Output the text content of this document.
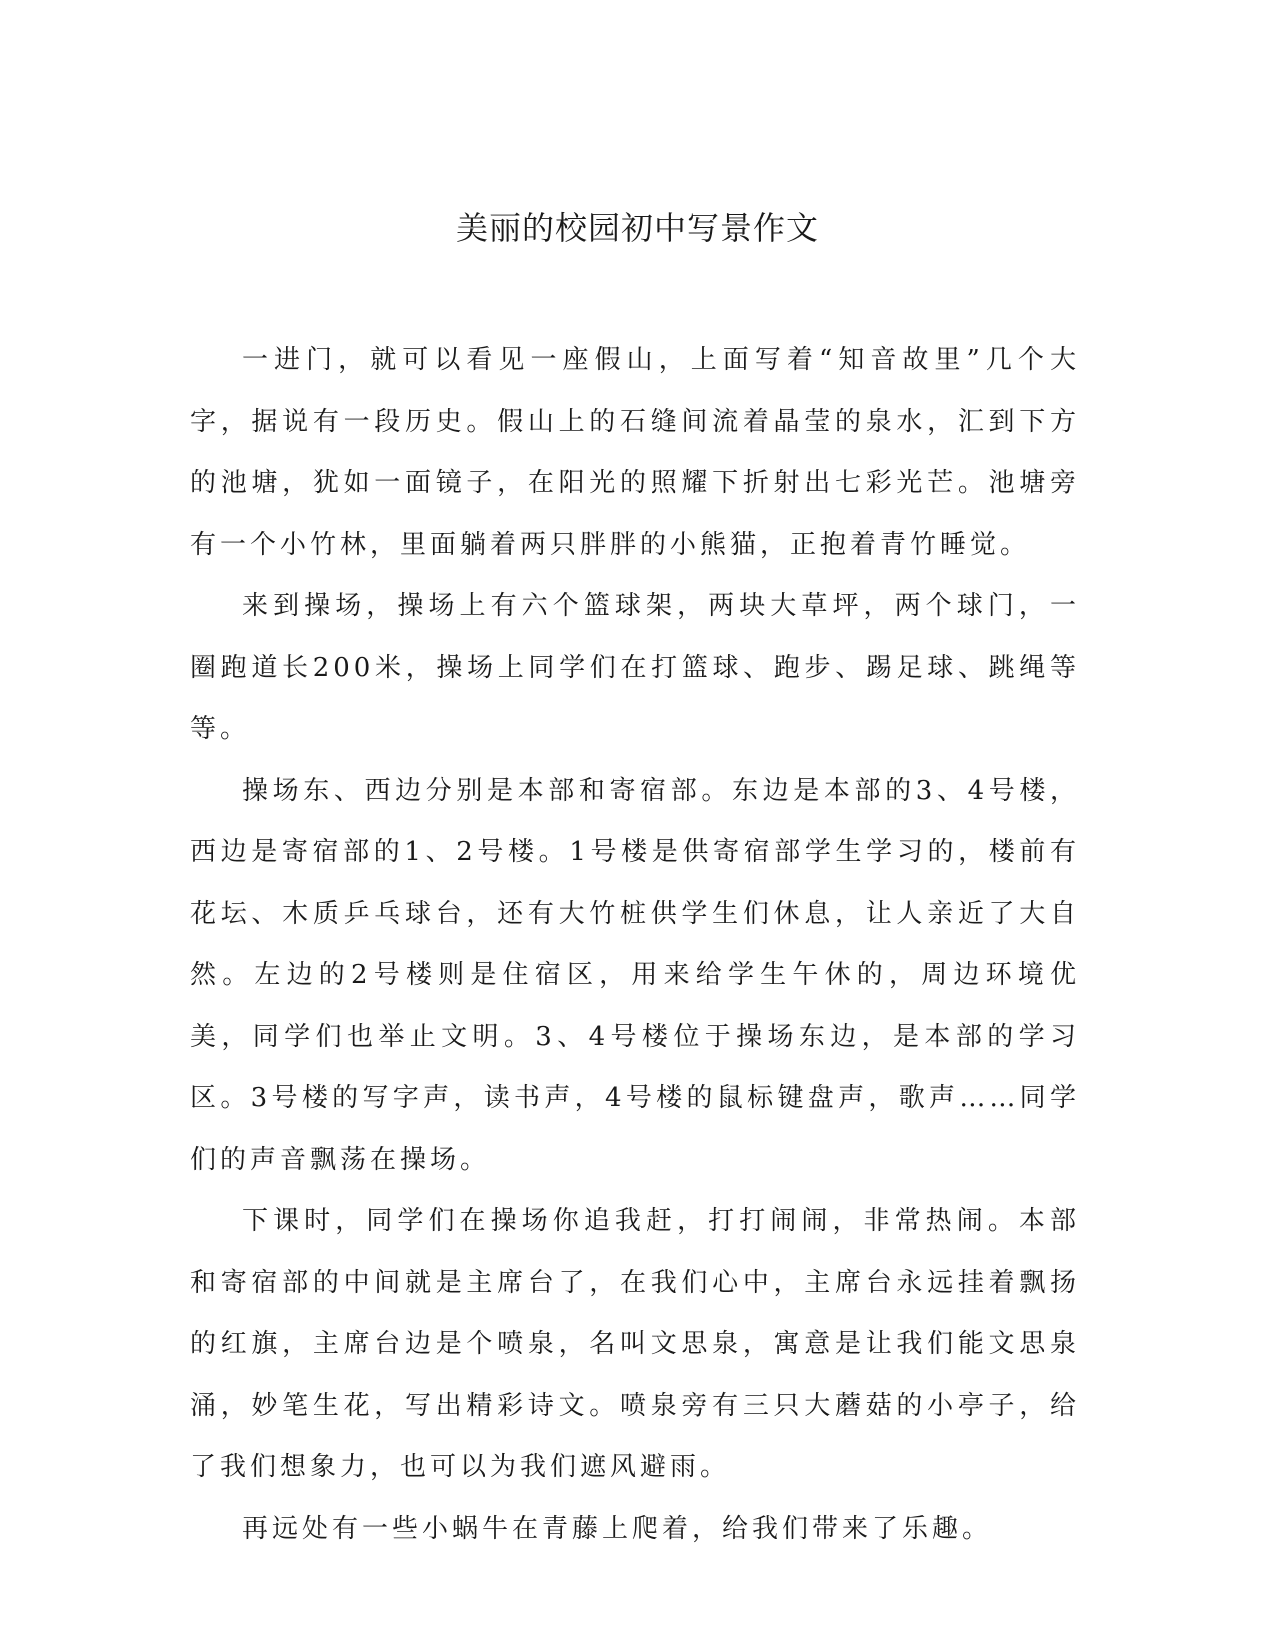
美丽的校园初中写景作文

一进门，就可以看见一座假山，上面写着“知音故里”几个大字，据说有一段历史。假山上的石缝间流着晶莹的泉水，汇到下方的池塘，犹如一面镜子，在阳光的照耀下折射出七彩光芒。池塘旁有一个小竹林，里面躺着两只胖胖的小熊猫，正抱着青竹睡觉。

来到操场，操场上有六个篮球架，两块大草坪，两个球门，一圈跑道长200米，操场上同学们在打篮球、跑步、踢足球、跳绳等等。

操场东、西边分别是本部和寄宿部。东边是本部的3、4号楼，西边是寄宿部的1、2号楼。1号楼是供寄宿部学生学习的，楼前有花坛、木质乒乓球台，还有大竹桩供学生们休息，让人亲近了大自然。左边的2号楼则是住宿区，用来给学生午休的，周边环境优美，同学们也举止文明。3、4号楼位于操场东边，是本部的学习区。3号楼的写字声，读书声，4号楼的鼠标键盘声，歌声……同学们的声音飘荡在操场。

下课时，同学们在操场你追我赶，打打闹闹，非常热闹。本部和寄宿部的中间就是主席台了，在我们心中，主席台永远挂着飘扬的红旗，主席台边是个喷泉，名叫文思泉，寓意是让我们能文思泉涌，妙笔生花，写出精彩诗文。喷泉旁有三只大蘑菇的小亭子，给了我们想象力，也可以为我们遮风避雨。

再远处有一些小蜗牛在青藤上爬着，给我们带来了乐趣。
